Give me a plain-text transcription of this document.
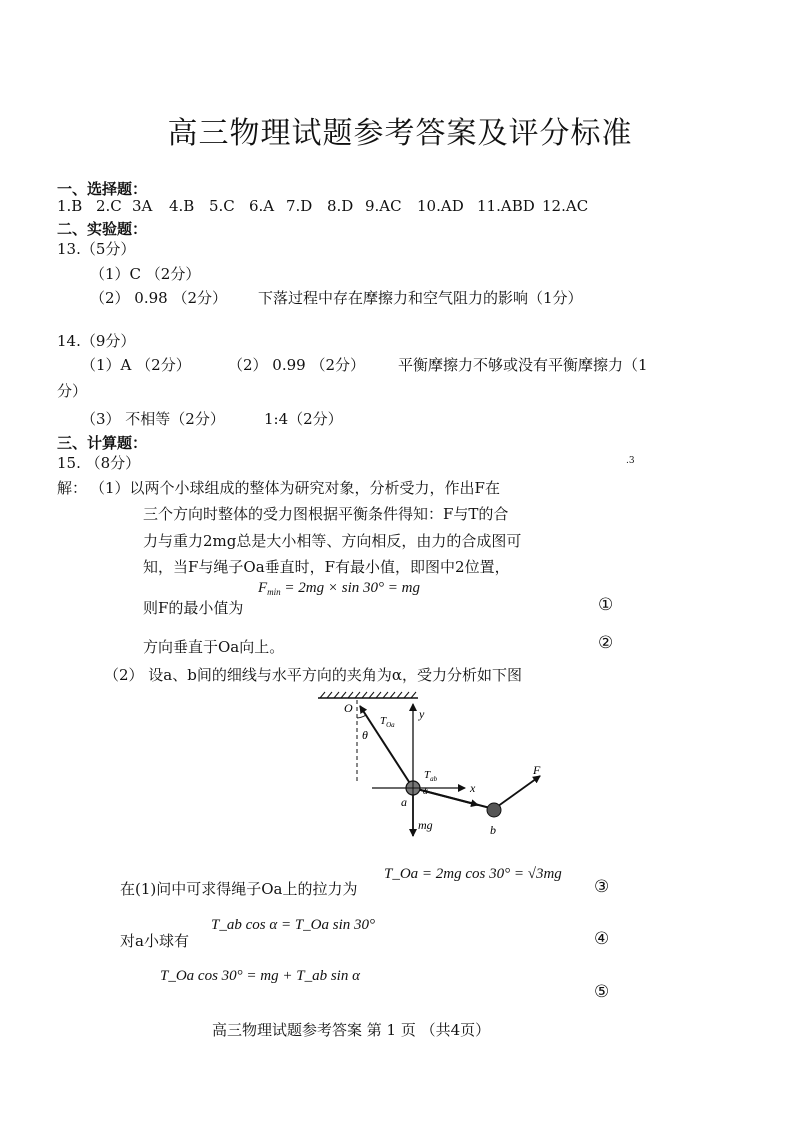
高三物理试题参考答案及评分标准
一、选择题：
1.B 2.C 3A 4.B 5.C 6.A 7.D 8.D 9.AC 10.AD 11.ABD 12.AC
二、实验题：
13.（5分）
（1）C （2分）
（2） 0.98 （2分） 下落过程中存在摩擦力和空气阻力的影响（1分）
14.（9分）
（1）A （2分） （2） 0.99 （2分） 平衡摩擦力不够或没有平衡摩擦力（1
分）
（3） 不相等（2分）	1:4（2分）
三、计算题：
15. （8分）	.3
解： （1）以两个小球组成的整体为研究对象，分析受力，作出F在
三个方向时整体的受力图根据平衡条件得知：F与T的合
力与重力2mg总是大小相等、方向相反，由力的合成图可
知，当F与绳子Oa垂直时，F有最小值，即图中2位置，
则F的最小值为
$F_{min} = 2mg \times \sin 30^\circ$ = mg
①
方向垂直于Oa向上。	②
（2） 设a、b间的细线与水平方向的夹角为α，受力分析如下图
O
θ
$T_{Oa}$
y
$T_{ab}$
x
a
α
mg	b
F
在(1)问中可求得绳子Oa上的拉力为
T_Oa = 2mg cos 30° = √3mg
③
对a小球有
T_ab cos α = T_Oa sin 30°
④
T_Oa cos 30° = mg + T_ab sin α
⑤
高三物理试题参考答案 第 1 页 （共4页）
